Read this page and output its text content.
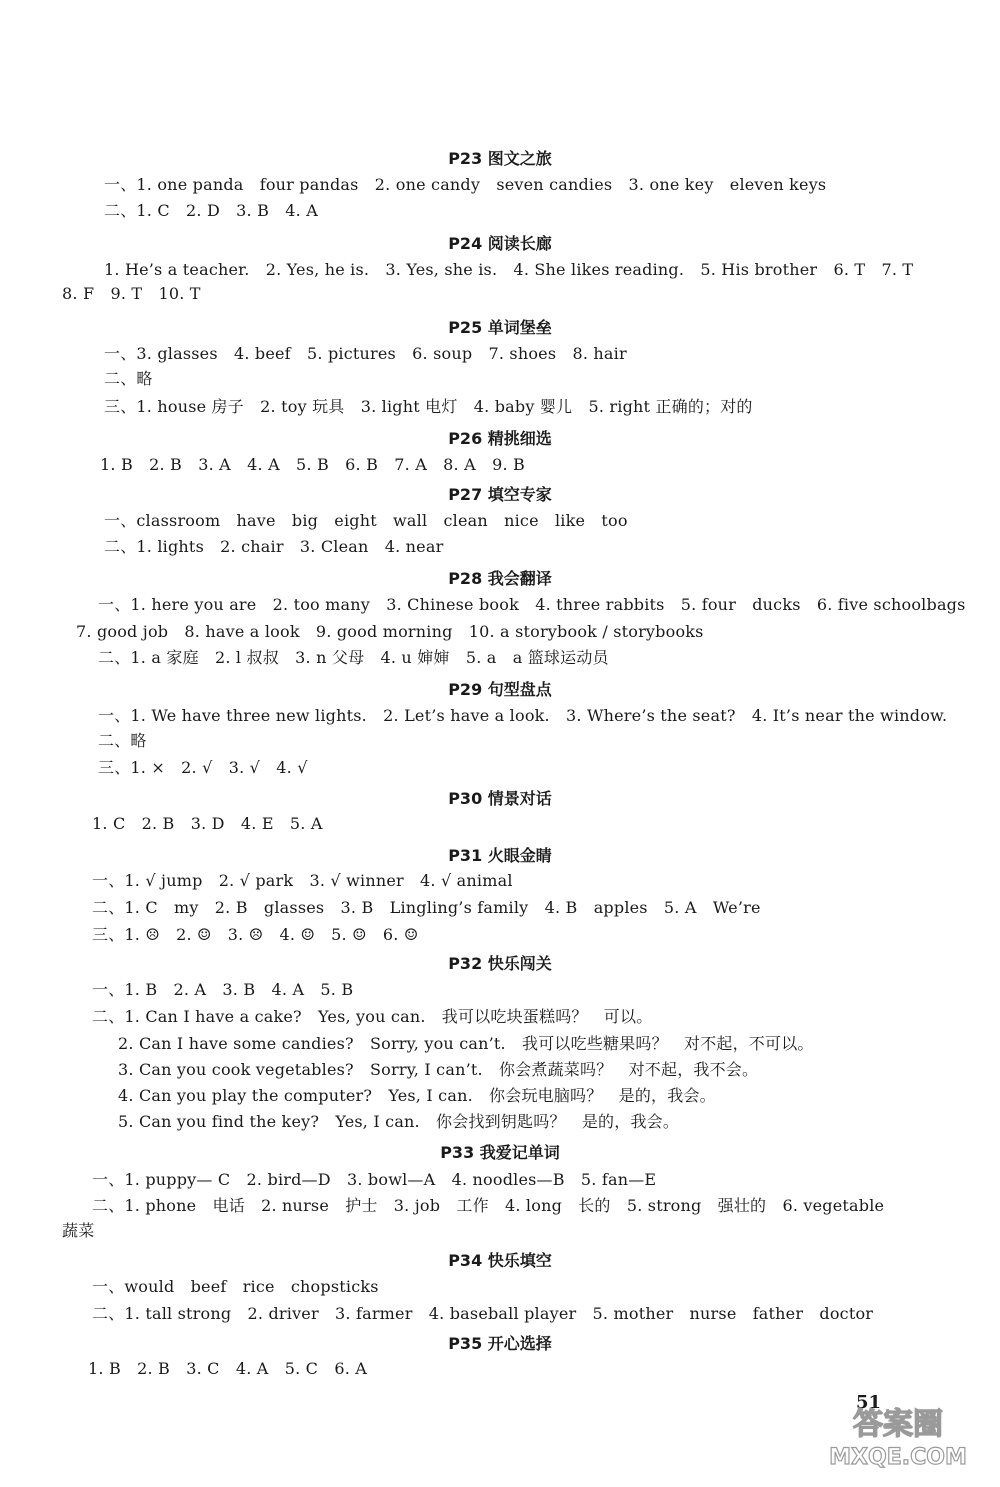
P23 图文之旅
一、1. one panda　four pandas　2. one candy　seven candies　3. one key　eleven keys
二、1. C　2. D　3. B　4. A
P24 阅读长廊
1. He’s a teacher.　2. Yes, he is.　3. Yes, she is.　4. She likes reading.　5. His brother　6. T　7. T
8. F　9. T　10. T
P25 单词堡垒
一、3. glasses　4. beef　5. pictures　6. soup　7. shoes　8. hair
二、略
三、1. house 房子　2. toy 玩具　3. light 电灯　4. baby 婴儿　5. right 正确的；对的
P26 精挑细选
1. B　2. B　3. A　4. A　5. B　6. B　7. A　8. A　9. B
P27 填空专家
一、classroom　have　big　eight　wall　clean　nice　like　too
二、1. lights　2. chair　3. Clean　4. near
P28 我会翻译
一、1. here you are　2. too many　3. Chinese book　4. three rabbits　5. four　ducks　6. five schoolbags
7. good job　8. have a look　9. good morning　10. a storybook / storybooks
二、1. a 家庭　2. l 叔叔　3. n 父母　4. u 婶婶　5. a　a 篮球运动员
P29 句型盘点
一、1. We have three new lights.　2. Let’s have a look.　3. Where’s the seat?　4. It’s near the window.
二、略
三、1. ×　2. √　3. √　4. √
P30 情景对话
1. C　2. B　3. D　4. E　5. A
P31 火眼金睛
一、1. √ jump　2. √ park　3. √ winner　4. √ animal
二、1. C　my　2. B　glasses　3. B　Lingling’s family　4. B　apples　5. A　We’re
三、1. ☹　2. ☺　3. ☹　4. ☺　5. ☺　6. ☺
P32 快乐闯关
一、1. B　2. A　3. B　4. A　5. B
二、1. Can I have a cake?　Yes, you can.　我可以吃块蛋糕吗？　可以。
2. Can I have some candies?　Sorry, you can’t.　我可以吃些糖果吗？　对不起，不可以。
3. Can you cook vegetables?　Sorry, I can’t.　你会煮蔬菜吗？　对不起，我不会。
4. Can you play the computer?　Yes, I can.　你会玩电脑吗？　是的，我会。
5. Can you find the key?　Yes, I can.　你会找到钥匙吗？　是的，我会。
P33 我爱记单词
一、1. puppy— C　2. bird—D　3. bowl—A　4. noodles—B　5. fan—E
二、1. phone　电话　2. nurse　护士　3. job　工作　4. long　长的　5. strong　强壮的　6. vegetable
蔬菜
P34 快乐填空
一、would　beef　rice　chopsticks
二、1. tall strong　2. driver　3. farmer　4. baseball player　5. mother　nurse　father　doctor
P35 开心选择
1. B　2. B　3. C　4. A　5. C　6. A
51
答案圈
MXQE.COM
